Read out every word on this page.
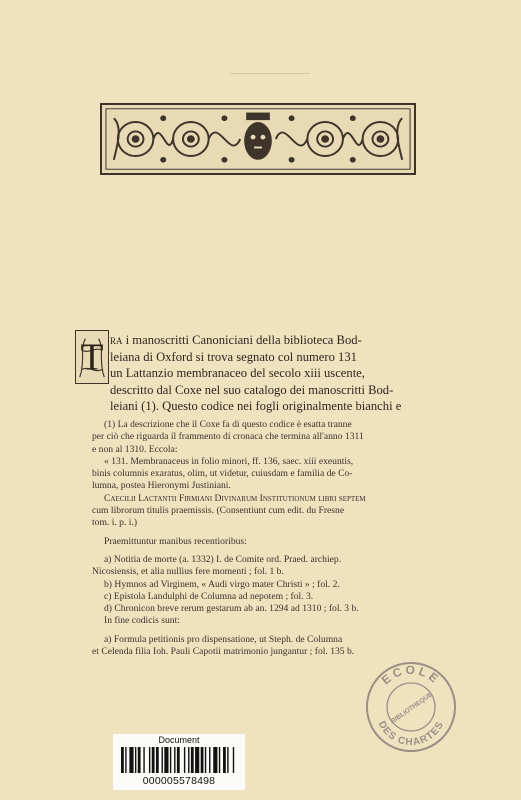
T ra i manoscritti Canoniciani della biblioteca Bod-
leiana di Oxford si trova segnato col numero 131
un Lattanzio membranaceo del secolo xiii uscente,
descritto dal Coxe nel suo catalogo dei manoscritti Bod-
leiani (1). Questo codice nei fogli originalmente bianchi e
(1) La descrizione che il Coxe fa di questo codice è esatta tranne
per ciò che riguarda il frammento di cronaca che termina all'anno 1311
e non al 1310. Eccola:
« 131. Membranaceus in folio minori, ff. 136, saec. xiii exeuntis,
binis columnis exaratus, olim, ut videtur, cuiusdam e familia de Co-
lumna, postea Hieronymi Justiniani.
Caecilii Lactantii Firmiani Divinarum Institutionum libri septem
cum librorum titulis praemissis. (Consentiunt cum edit. du Fresne
tom. i. p. i.)
Praemittuntur manibus recentioribus:
a) Notitia de morte (a. 1332) I. de Comite ord. Praed. archiep.
Nicosiensis, et alia nullius fere momenti ; fol. 1 b.
b) Hymnos ad Virginem, « Audi virgo mater Christi » ; fol. 2.
c) Epistola Landulphi de Columna ad nepotem ; fol. 3.
d) Chronicon breve rerum gestarum ab an. 1294 ad 1310 ; fol. 3 b.
In fine codicis sunt:
a) Formula petitionis pro dispensatione, ut Steph. de Columna
et Celenda filia Ioh. Pauli Capotii matrimonio jungantur ; fol. 135 b.
ECOLE
BIBLIOTHEQUE
DES CHARTES
Document
000005578498
